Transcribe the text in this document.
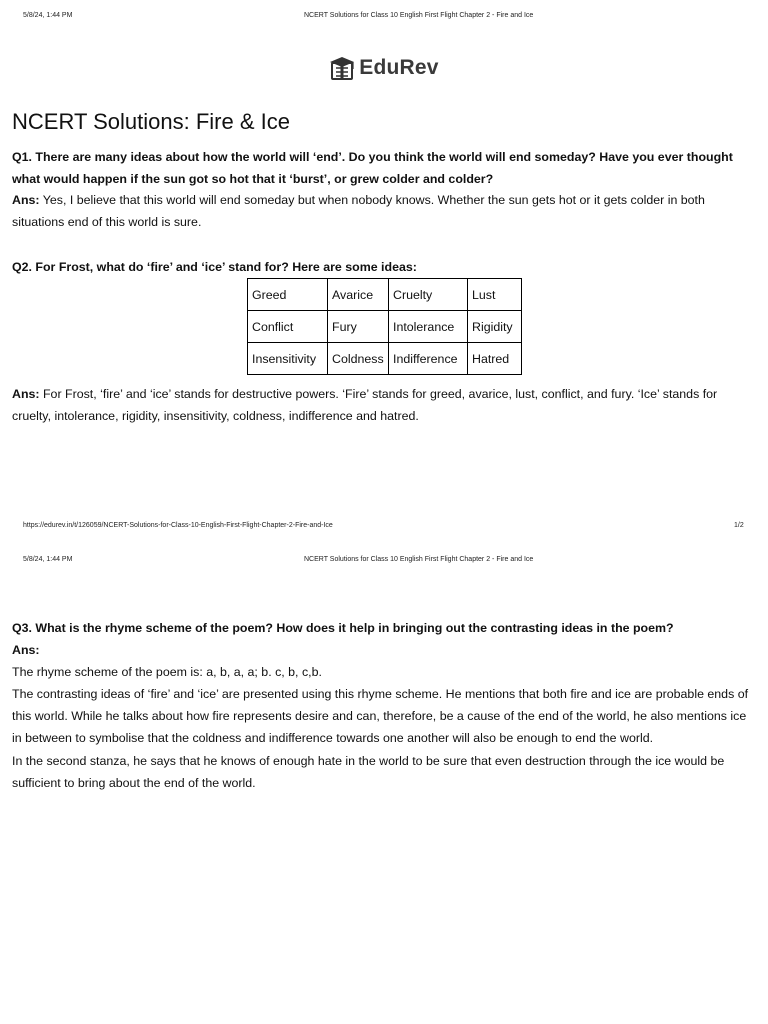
5/8/24, 1:44 PM	NCERT Solutions for Class 10 English First Flight Chapter 2 - Fire and Ice
EduRev
NCERT Solutions: Fire & Ice
Q1. There are many ideas about how the world will ‘end’. Do you think the world will end someday? Have you ever thought what would happen if the sun got so hot that it ‘burst’, or grew colder and colder?
Ans: Yes, I believe that this world will end someday but when nobody knows. Whether the sun gets hot or it gets colder in both situations end of this world is sure.
Q2. For Frost, what do ‘fire’ and ‘ice’ stand for? Here are some ideas:
Greed	Avarice	Cruelty	Lust
Conflict	Fury	Intolerance	Rigidity
Insensitivity	Coldness	Indifference	Hatred
Ans: For Frost, ‘fire’ and ‘ice’ stands for destructive powers. ‘Fire’ stands for greed, avarice, lust, conflict, and fury. ‘Ice’ stands for cruelty, intolerance, rigidity, insensitivity, coldness, indifference and hatred.
https://edurev.in/t/126059/NCERT-Solutions-for-Class-10-English-First-Flight-Chapter-2-Fire-and-Ice	1/2
5/8/24, 1:44 PM	NCERT Solutions for Class 10 English First Flight Chapter 2 - Fire and Ice
Q3. What is the rhyme scheme of the poem? How does it help in bringing out the contrasting ideas in the poem?
Ans:
The rhyme scheme of the poem is: a, b, a, a; b. c, b, c,b.
The contrasting ideas of ‘fire’ and ‘ice’ are presented using this rhyme scheme. He mentions that both fire and ice are probable ends of this world. While he talks about how fire represents desire and can, therefore, be a cause of the end of the world, he also mentions ice in between to symbolise that the coldness and indifference towards one another will also be enough to end the world.
In the second stanza, he says that he knows of enough hate in the world to be sure that even destruction through the ice would be sufficient to bring about the end of the world.
